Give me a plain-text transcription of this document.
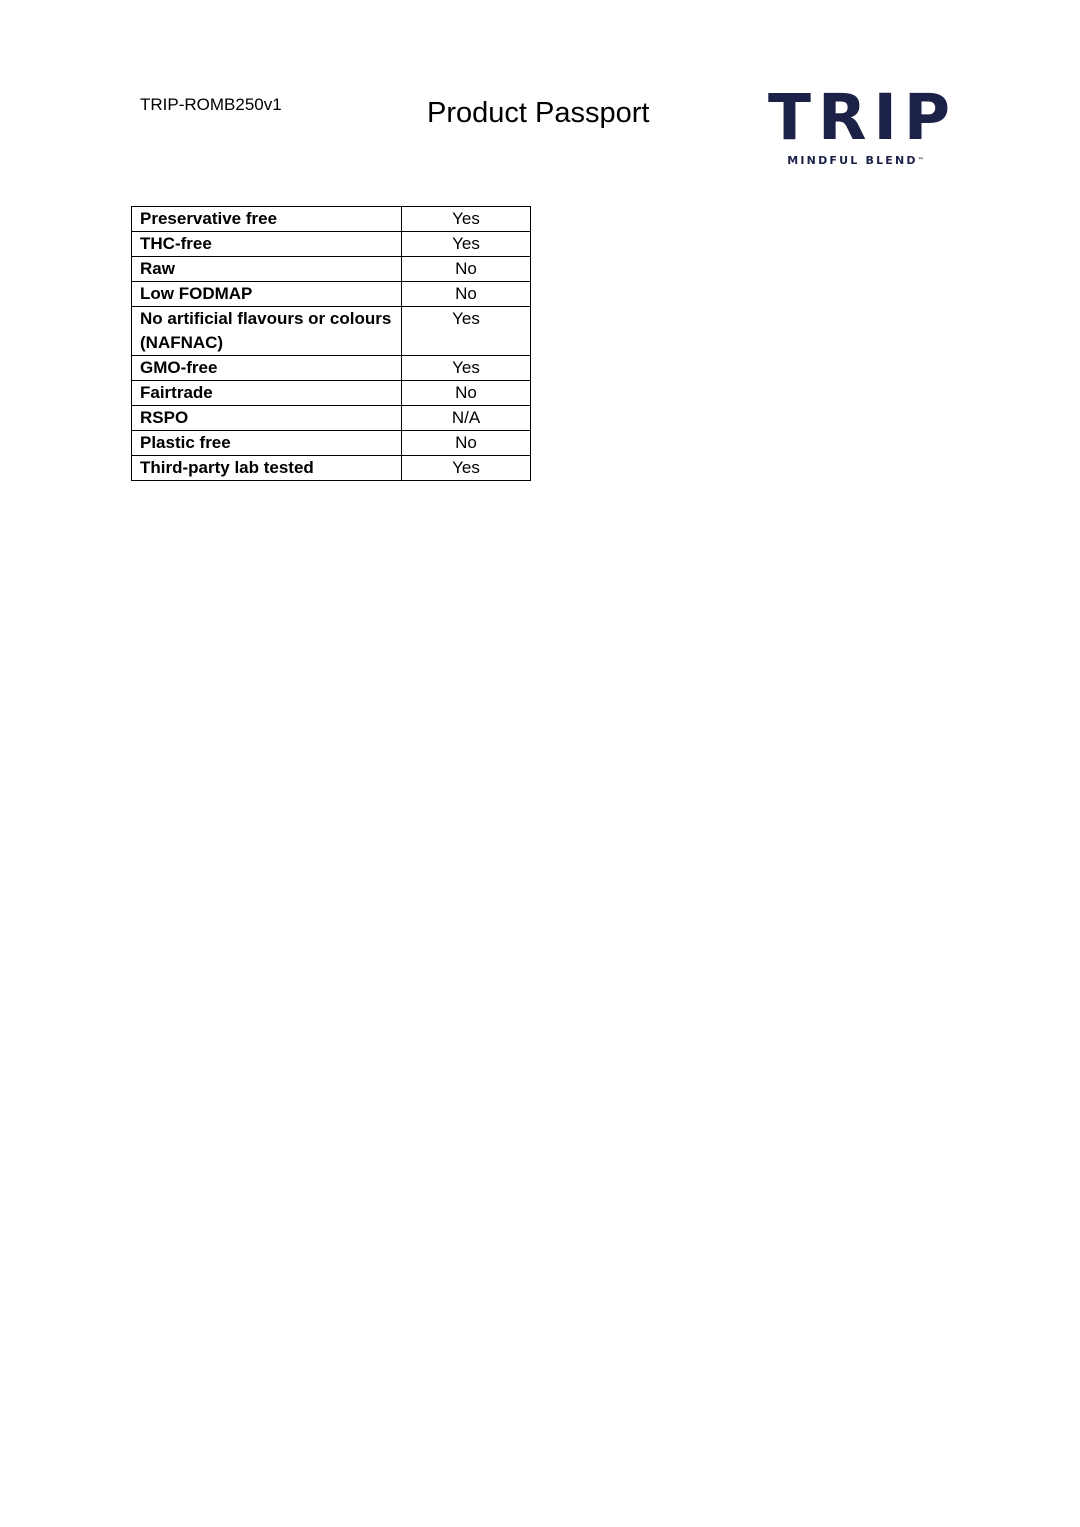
TRIP-ROMB250v1	Product Passport TRIP
MINDFUL BLEND™
Preservative free	Yes
THC-free	Yes
Raw	No
Low FODMAP	No
No artificial flavours or colours (NAFNAC)	Yes
GMO-free	Yes
Fairtrade	No
RSPO	N/A
Plastic free	No
Third-party lab tested	Yes
